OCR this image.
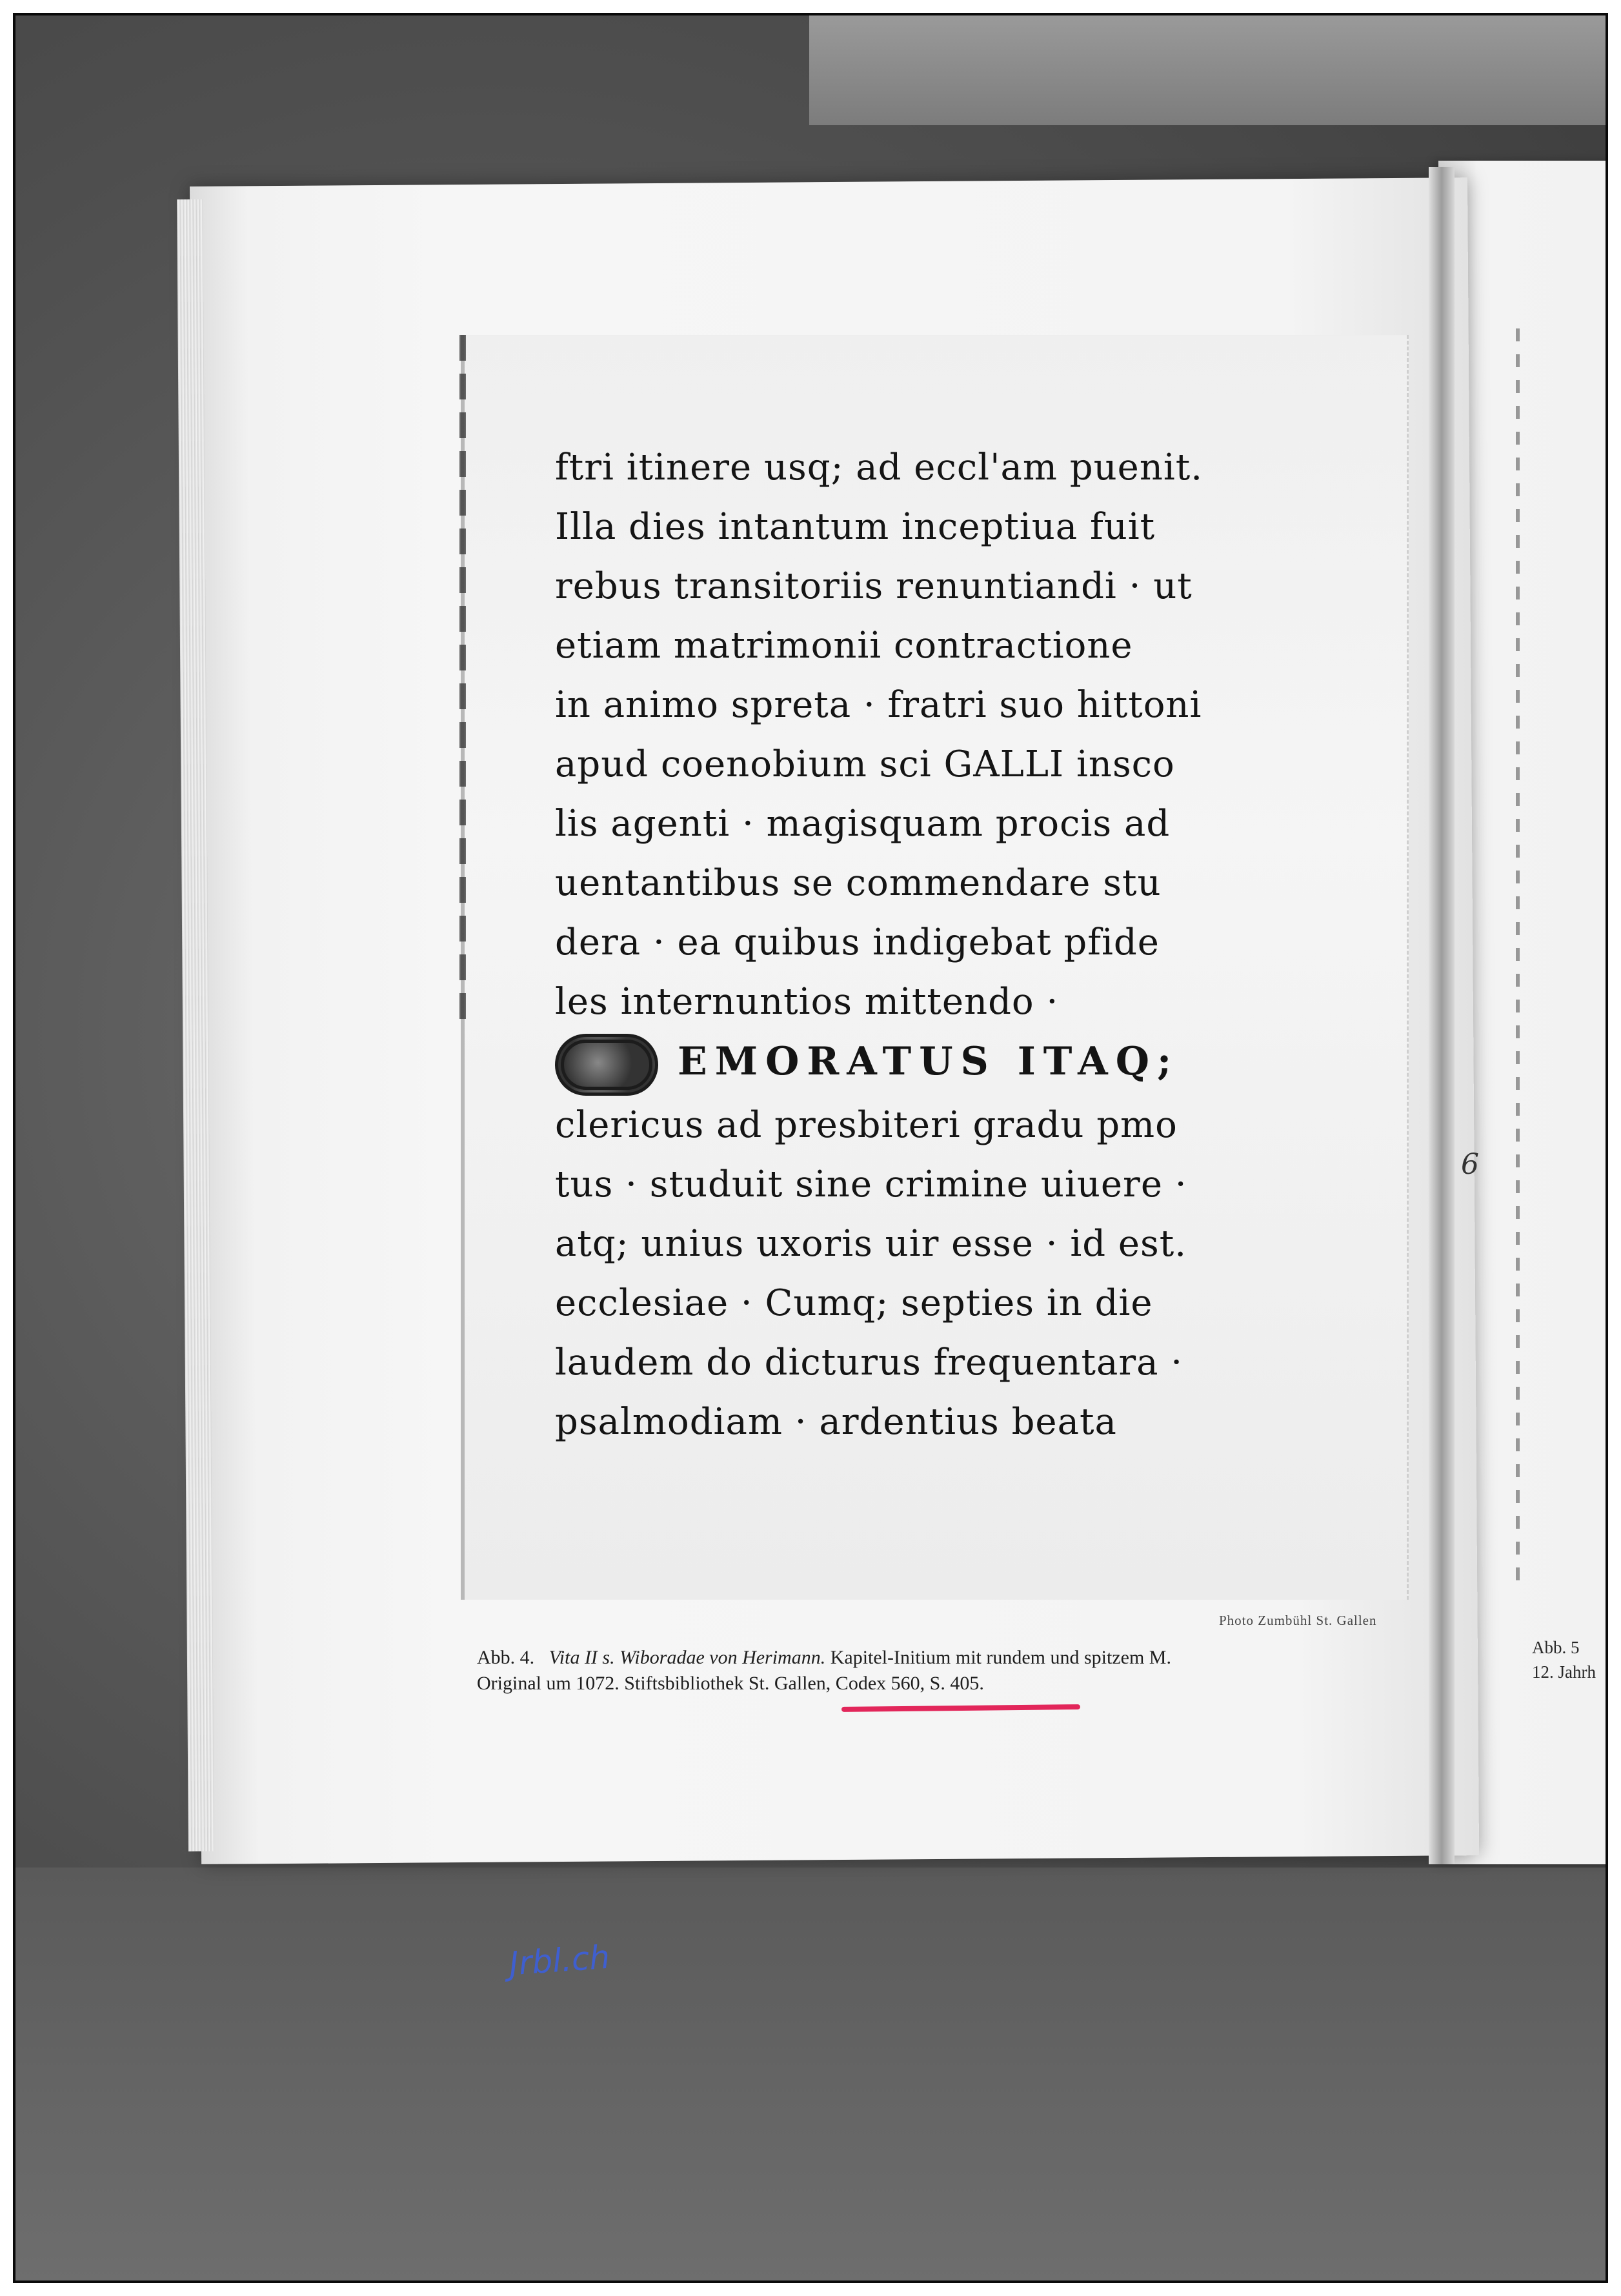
ftri itinere usq; ad eccl'am puenit.
Illa dies intantum inceptiua fuit
rebus transitoriis renuntiandi · ut
etiam matrimonii contractione
in animo spreta · fratri suo hittoni
apud coenobium sci GALLI insco
lis agenti · magisquam procis ad
uentantibus se commendare stu
dera · ea quibus indigebat pfide
les internuntios mittendo ·
EMORATUS ITAQ;
clericus ad presbiteri gradu pmo
tus · studuit sine crimine uiuere ·
atq; unius uxoris uir esse · id est.
ecclesiae · Cumq; septies in die
laudem do dicturus frequentara ·
psalmodiam · ardentius beata
6
Photo Zumbühl St. Gallen
Abb. 4. Vita II s. Wiboradae von Herimann. Kapitel-Initium mit rundem und spitzem M.
Original um 1072. Stiftsbibliothek St. Gallen, Codex 560, S. 405.
Abb. 5
12. Jahrh
Jrbl.ch
